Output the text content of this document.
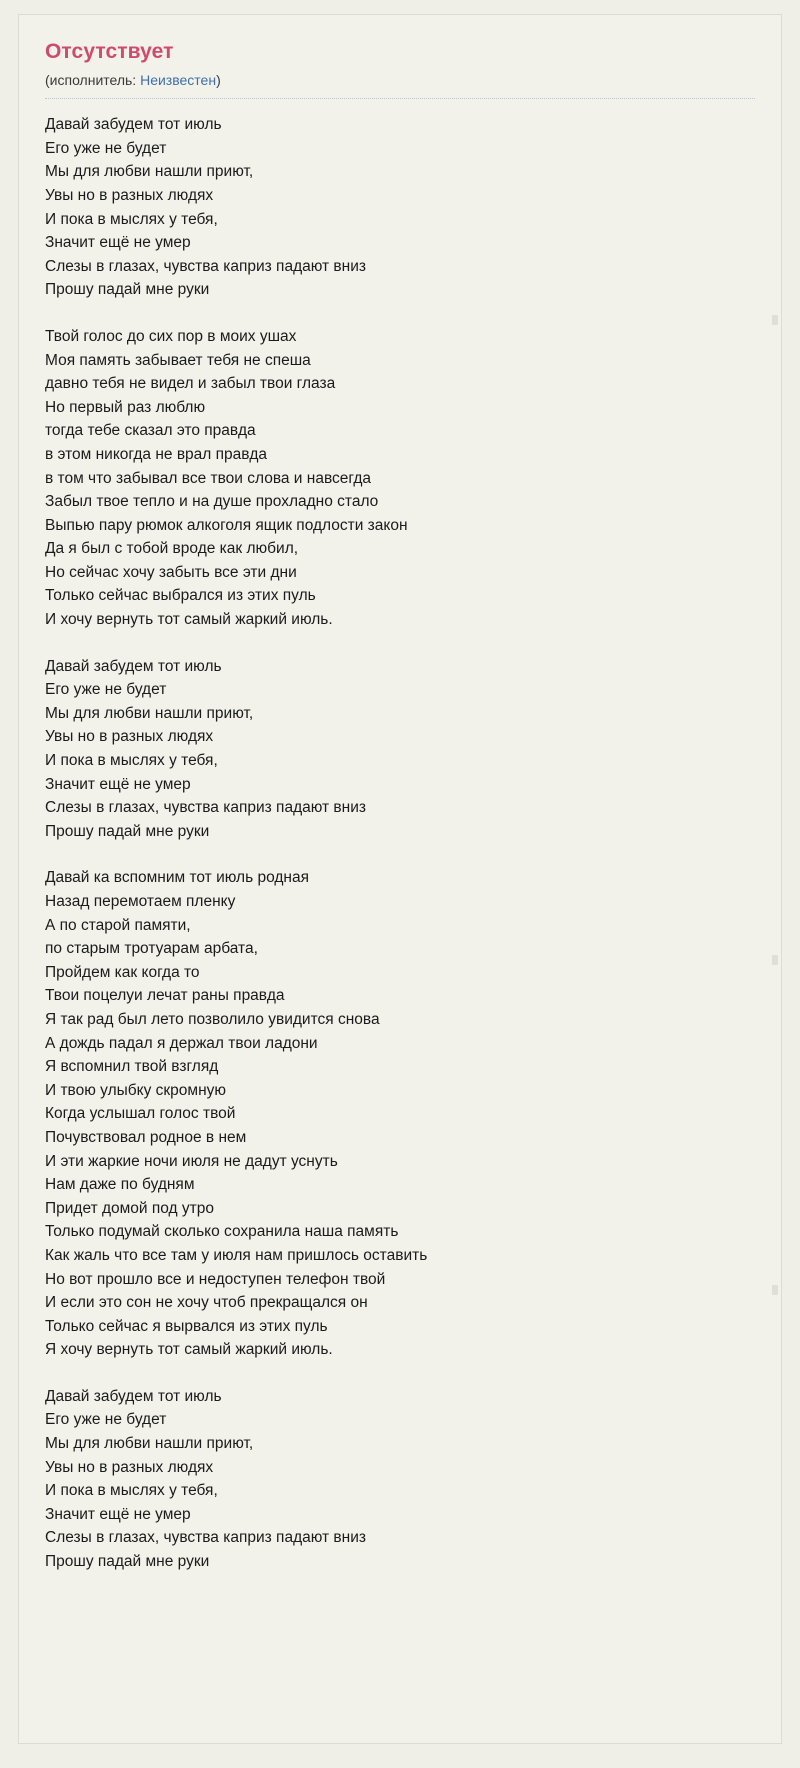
Отсутствует
(исполнитель: Неизвестен)
Давай забудем тот июль
Его уже не будет
Мы для любви нашли приют,
Увы но в разных людях
И пока в мыслях у тебя,
Значит ещё не умер
Слезы в глазах, чувства каприз падают вниз
Прошу падай мне руки
Твой голос до сих пор в моих ушах
Моя память забывает тебя не спеша
давно тебя не видел и забыл твои глаза
Но первый раз люблю
тогда тебе сказал это правда
в этом никогда не врал правда
в том что забывал все твои слова и навсегда
Забыл твое тепло и на душе прохладно стало
Выпью пару рюмок алкоголя ящик подлости закон
Да я был с тобой вроде как любил,
Но сейчас хочу забыть все эти дни
Только сейчас выбрался из этих пуль
И хочу вернуть тот самый жаркий июль.
Давай забудем тот июль
Его уже не будет
Мы для любви нашли приют,
Увы но в разных людях
И пока в мыслях у тебя,
Значит ещё не умер
Слезы в глазах, чувства каприз падают вниз
Прошу падай мне руки
Давай ка вспомним тот июль родная
Назад перемотаем пленку
А по старой памяти,
по старым тротуарам арбата,
Пройдем как когда то
Твои поцелуи лечат раны правда
Я так рад был лето позволило увидится снова
А дождь падал я держал твои ладони
Я вспомнил твой взгляд
И твою улыбку скромную
Когда услышал голос твой
Почувствовал родное в нем
И эти жаркие ночи июля не дадут уснуть
Нам даже по будням
Придет домой под утро
Только подумай сколько сохранила наша память
Как жаль что все там у июля нам пришлось оставить
Но вот прошло все и недоступен телефон твой
И если это сон не хочу чтоб прекращался он
Только сейчас я вырвался из этих пуль
Я хочу вернуть тот самый жаркий июль.
Давай забудем тот июль
Его уже не будет
Мы для любви нашли приют,
Увы но в разных людях
И пока в мыслях у тебя,
Значит ещё не умер
Слезы в глазах, чувства каприз падают вниз
Прошу падай мне руки
